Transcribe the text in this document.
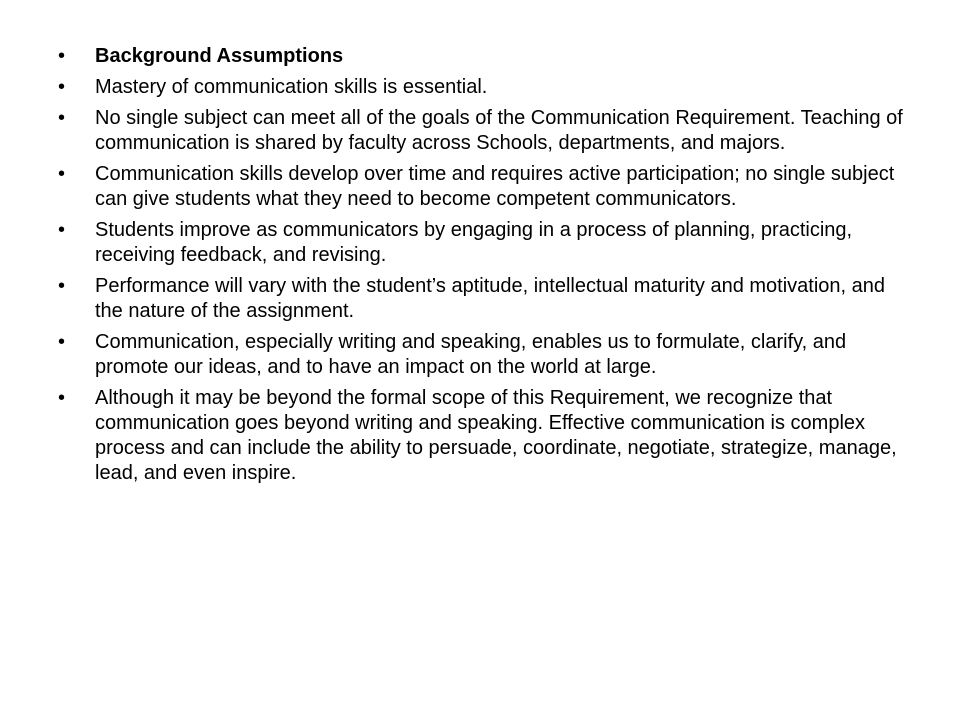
•	Background Assumptions
•	Mastery of communication skills is essential.
•	No single subject can meet all of the goals of the Communication Requirement. Teaching of communication is shared by faculty across Schools, departments, and majors.
•	Communication skills develop over time and requires active participation; no single subject can give students what they need to become competent communicators.
•	Students improve as communicators by engaging in a process of planning, practicing, receiving feedback, and revising.
•	Performance will vary with the student’s aptitude, intellectual maturity and motivation, and the nature of the assignment.
•	Communication, especially writing and speaking, enables us to formulate, clarify, and promote our ideas, and to have an impact on the world at large.
•	Although it may be beyond the formal scope of this Requirement, we recognize that communication goes beyond writing and speaking. Effective communication is complex process and can include the ability to persuade, coordinate, negotiate, strategize, manage, lead, and even inspire.
